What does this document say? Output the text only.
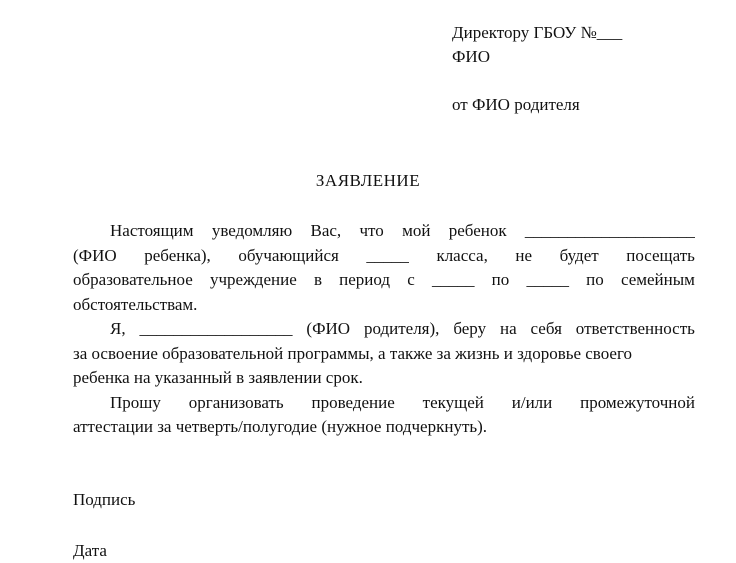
Директору ГБОУ №___
ФИО
от ФИО родителя
ЗАЯВЛЕНИЕ
Настоящим уведомляю Вас, что мой ребенок ____________________
(ФИО ребенка), обучающийся _____ класса, не будет посещать
образовательное учреждение в период с _____ по _____ по семейным
обстоятельствам.
Я, __________________ (ФИО родителя), беру на себя ответственность
за освоение образовательной программы, а также за жизнь и здоровье своего
ребенка на указанный в заявлении срок.
Прошу организовать проведение текущей и/или промежуточной
аттестации за четверть/полугодие (нужное подчеркнуть).
Подпись
Дата
